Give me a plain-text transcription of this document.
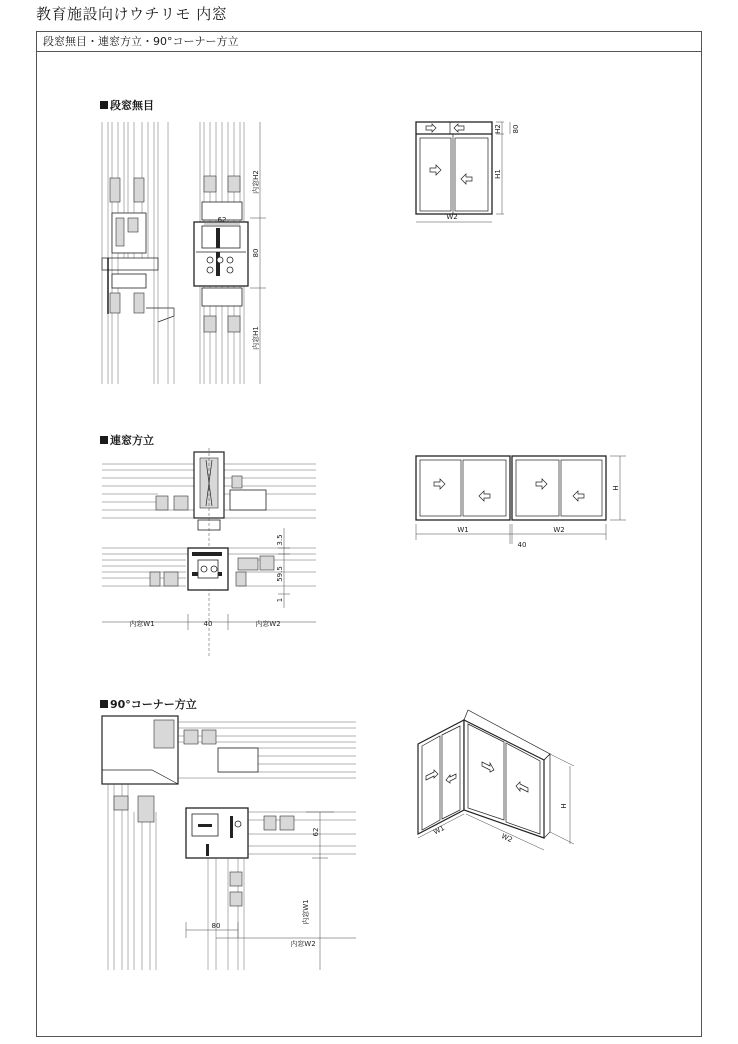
教育施設向けウチリモ 内窓
段窓無目・連窓方立・90°コーナー方立
段窓無目
内窓H2
62
80
内窓H1
W2
H1
H2 80
連窓方立
3.5
59.5
1
内窓W1	40	内窓W2
W1	W2
40
H
90°コーナー方立
62
80
内窓W1
内窓W2
W1
W2
H
